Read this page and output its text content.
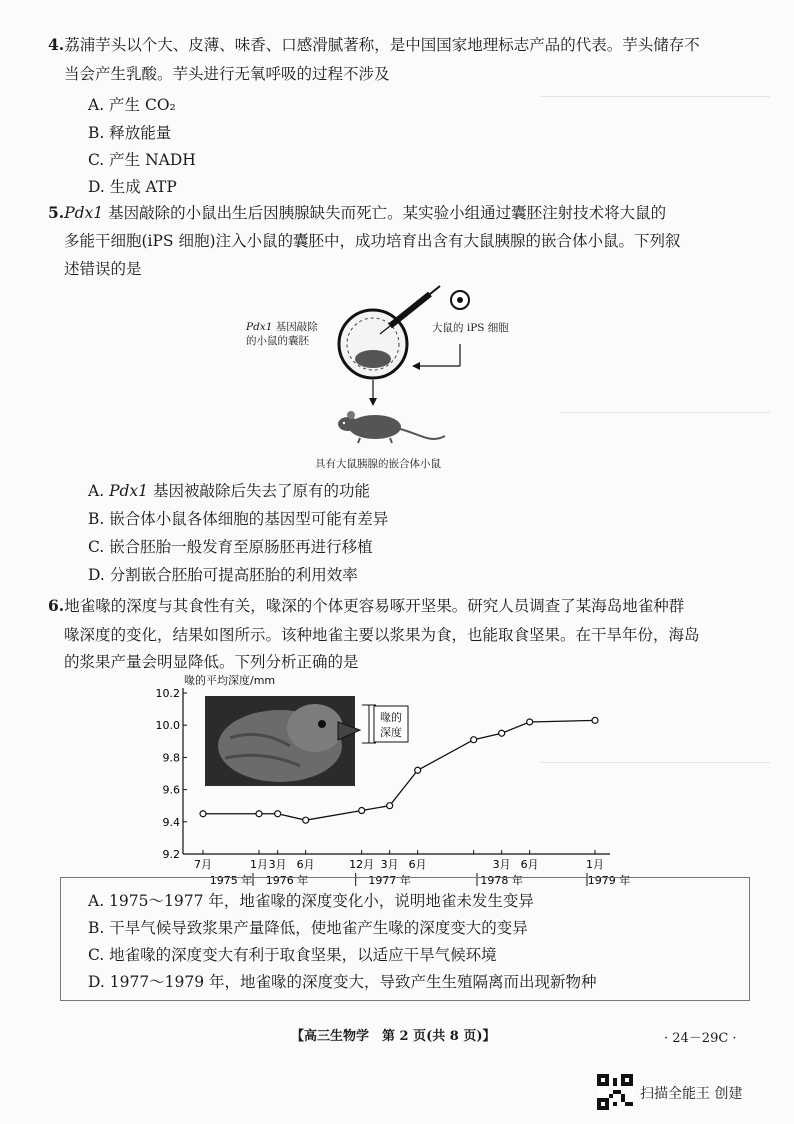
4.荔浦芋头以个大、皮薄、味香、口感滑腻著称，是中国国家地理标志产品的代表。芋头储存不
当会产生乳酸。芋头进行无氧呼吸的过程不涉及
A. 产生 CO₂
B. 释放能量
C. 产生 NADH
D. 生成 ATP
5.Pdx1 基因敲除的小鼠出生后因胰腺缺失而死亡。某实验小组通过囊胚注射技术将大鼠的
多能干细胞(iPS 细胞)注入小鼠的囊胚中，成功培育出含有大鼠胰腺的嵌合体小鼠。下列叙
述错误的是
Pdx1 基因敲除
的小鼠的囊胚
大鼠的 iPS 细胞
具有大鼠胰腺的嵌合体小鼠
A. Pdx1 基因被敲除后失去了原有的功能
B. 嵌合体小鼠各体细胞的基因型可能有差异
C. 嵌合胚胎一般发育至原肠胚再进行移植
D. 分割嵌合胚胎可提高胚胎的利用效率
6.地雀喙的深度与其食性有关，喙深的个体更容易啄开坚果。研究人员调查了某海岛地雀种群
喙深度的变化，结果如图所示。该种地雀主要以浆果为食，也能取食坚果。在干旱年份，海岛
的浆果产量会明显降低。下列分析正确的是
喙的平均深度/mm
9.2
9.4
9.6
9.8
10.0
10.2
7月	1月 3月 6月	12月 3月 6月	3月 6月	1月
1975 年 1976 年	1977 年	1978 年	1979 年
喙的
深度
A. 1975～1977 年，地雀喙的深度变化小，说明地雀未发生变异
B. 干旱气候导致浆果产量降低，使地雀产生喙的深度变大的变异
C. 地雀喙的深度变大有利于取食坚果，以适应干旱气候环境
D. 1977～1979 年，地雀喙的深度变大，导致产生生殖隔离而出现新物种
【高三生物学　第 2 页(共 8 页)】	· 24－29C ·
扫描全能王 创建
